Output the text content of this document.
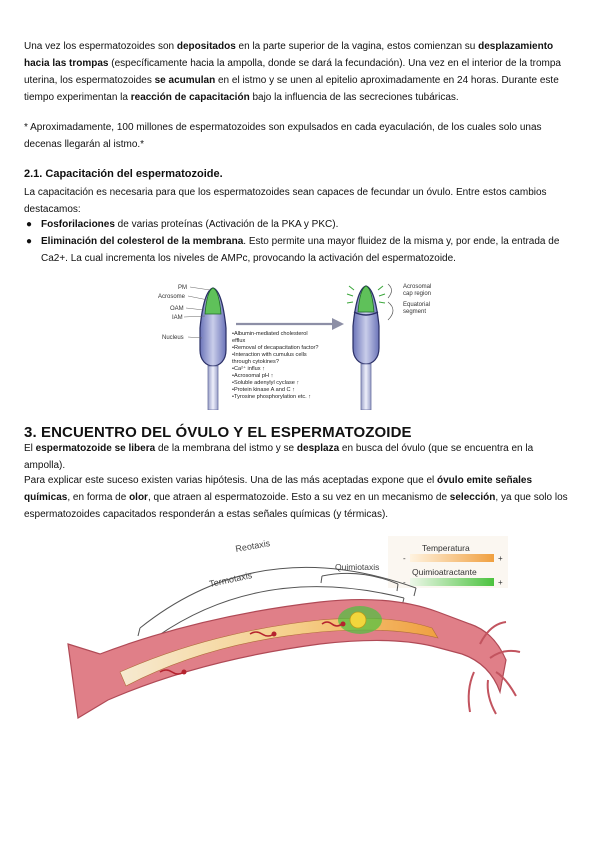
Una vez los espermatozoides son depositados en la parte superior de la vagina, estos comienzan su desplazamiento hacia las trompas (específicamente hacia la ampolla, donde se dará la fecundación). Una vez en el interior de la trompa uterina, los espermatozoides se acumulan en el istmo y se unen al epitelio aproximadamente en 24 horas. Durante este tiempo experimentan la reacción de capacitación bajo la influencia de las secreciones tubáricas.
* Aproximadamente, 100 millones de espermatozoides son expulsados en cada eyaculación, de los cuales solo unas decenas llegarán al istmo.*
2.1. Capacitación del espermatozoide.
La capacitación es necesaria para que los espermatozoides sean capaces de fecundar un óvulo. Entre estos cambios destacamos:
● Fosforilaciones de varias proteínas (Activación de la PKA y PKC).
● Eliminación del colesterol de la membrana. Esto permite una mayor fluidez de la misma y, por ende, la entrada de Ca2+. La cual incrementa los niveles de AMPc, provocando la activación del espermatozoide.
PM
Acrosome
OAM
IAM
Nucleus
•Albumin-mediated cholesterol
efflux
•Removal of decapacitation factor?
•Interaction with cumulus cells
through cytokines?
•Ca²⁺ influx ↑
•Acrosomal pH ↑
•Soluble adenylyl cyclase ↑
•Protein kinase A and C ↑
•Tyrosine phosphorylation etc. ↑
Acrosomal
cap region
Equatorial
segment
3. ENCUENTRO DEL ÓVULO Y EL ESPERMATOZOIDE
El espermatozoide se libera de la membrana del istmo y se desplaza en busca del óvulo (que se encuentra en la ampolla).
Para explicar este suceso existen varias hipótesis. Una de las más aceptadas expone que el óvulo emite señales químicas, en forma de olor, que atraen al espermatozoide. Esto a su vez en un mecanismo de selección, ya que solo los espermatozoides capacitados responderán a estas señales químicas (y térmicas).
Temperatura
-	+
Quimioatractante
-	+
Reotaxis
Termotaxis
Quimiotaxis
